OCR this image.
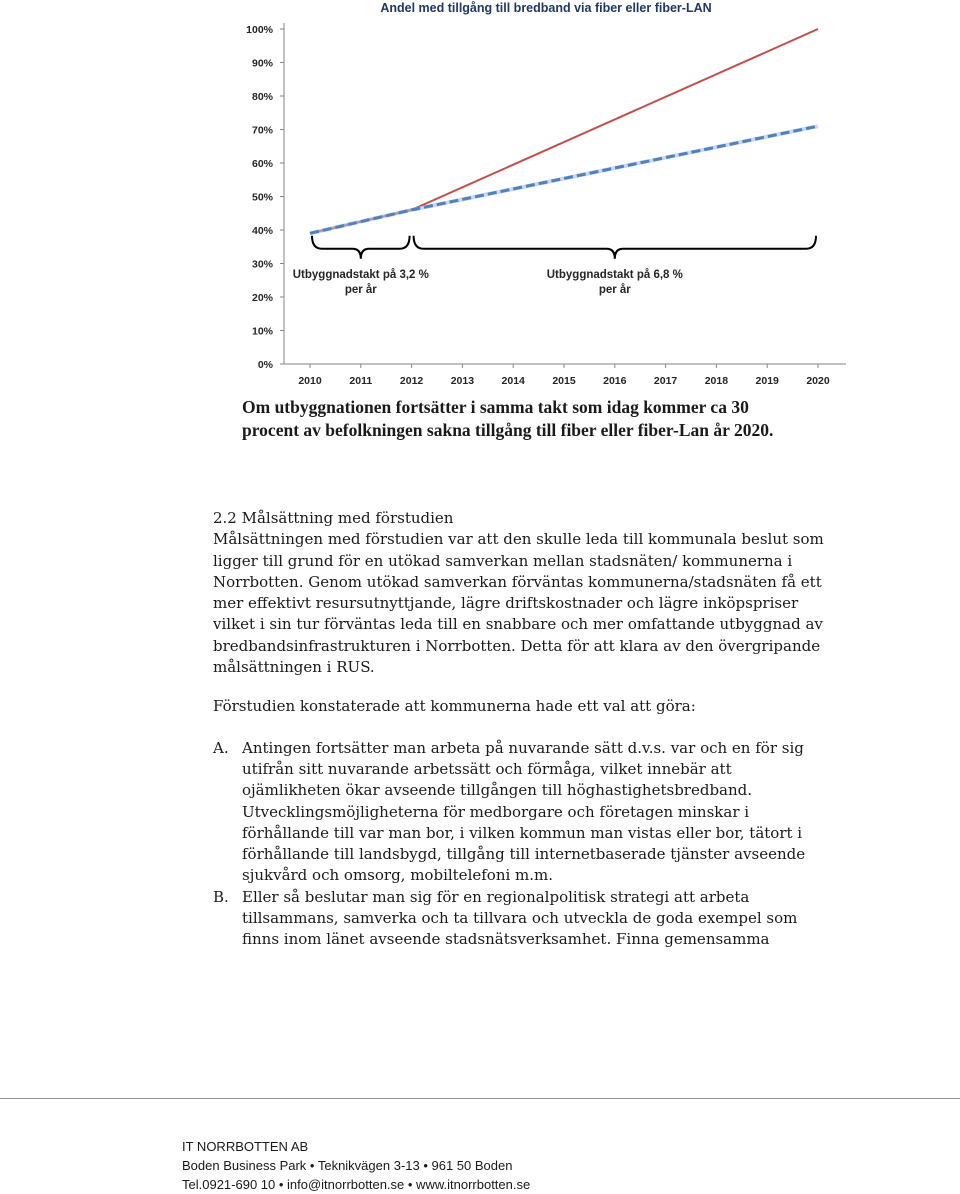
Andel med tillgång till bredband via fiber eller fiber-LAN
0%
10%
20%
30%
40%
50%
60%
70%
80%
90%
100%
2010	2011	2012	2013	2014	2015	2016	2017	2018	2019	2020
Utbyggnadstakt på 3,2 %
per år
Utbyggnadstakt på 6,8 %
per år
Om utbyggnationen fortsätter i samma takt som idag kommer ca 30
procent av befolkningen sakna tillgång till fiber eller fiber-Lan år 2020.
2.2 Målsättning med förstudien
Målsättningen med förstudien var att den skulle leda till kommunala beslut som
ligger till grund för en utökad samverkan mellan stadsnäten/ kommunerna i
Norrbotten. Genom utökad samverkan förväntas kommunerna/stadsnäten få ett
mer effektivt resursutnyttjande, lägre driftskostnader och lägre inköpspriser
vilket i sin tur förväntas leda till en snabbare och mer omfattande utbyggnad av
bredbandsinfrastrukturen i Norrbotten. Detta för att klara av den övergripande
målsättningen i RUS.
Förstudien konstaterade att kommunerna hade ett val att göra:
A. Antingen fortsätter man arbeta på nuvarande sätt d.v.s. var och en för sig
utifrån sitt nuvarande arbetssätt och förmåga, vilket innebär att
ojämlikheten ökar avseende tillgången till höghastighetsbredband.
Utvecklingsmöjligheterna för medborgare och företagen minskar i
förhållande till var man bor, i vilken kommun man vistas eller bor, tätort i
förhållande till landsbygd, tillgång till internetbaserade tjänster avseende
sjukvård och omsorg, mobiltelefoni m.m.
B. Eller så beslutar man sig för en regionalpolitisk strategi att arbeta
tillsammans, samverka och ta tillvara och utveckla de goda exempel som
finns inom länet avseende stadsnätsverksamhet. Finna gemensamma
IT NORRBOTTEN AB
Boden Business Park • Teknikvägen 3-13 • 961 50 Boden
Tel.0921-690 10 • info@itnorrbotten.se • www.itnorrbotten.se
